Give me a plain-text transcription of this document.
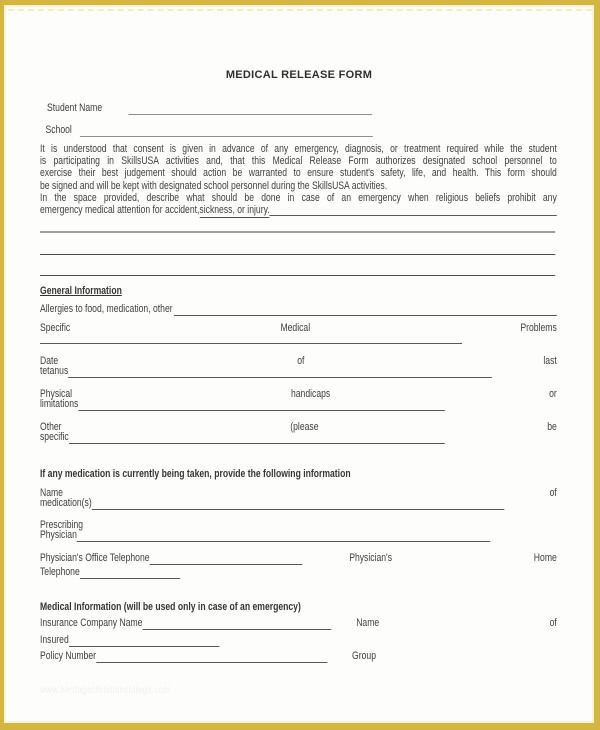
MEDICAL RELEASE FORM
Student Name
School
It is understood that consent is given in advance of any emergency, diagnosis, or treatment required while the student
is participating in SkillsUSA activities and, that this Medical Release Form authorizes designated school personnel to
exercise their best judgement should action be warranted to ensure student's safety, life, and health. This form should
be signed and will be kept with designated school personnel during the SkillsUSA activities.
In the space provided, describe what should be done in case of an emergency when religious beliefs prohibit any
emergency medical attention for accident, sickness, or injury.
General Information
Allergies to food, medication, other
Specific	Medical	Problems
Date	of	last
tetanus
Physical	handicaps	or
limitations
Other	(please	be
specific
If any medication is currently being taken, provide the following information
Name	of
medication(s)
Prescribing
Physician
Physician's Office Telephone	Physician's	Home
Telephone
Medical Information (will be used only in case of an emergency)
Insurance Company Name	Name	of
Insured
Policy Number	Group
www.heritagechristiancollege.com
